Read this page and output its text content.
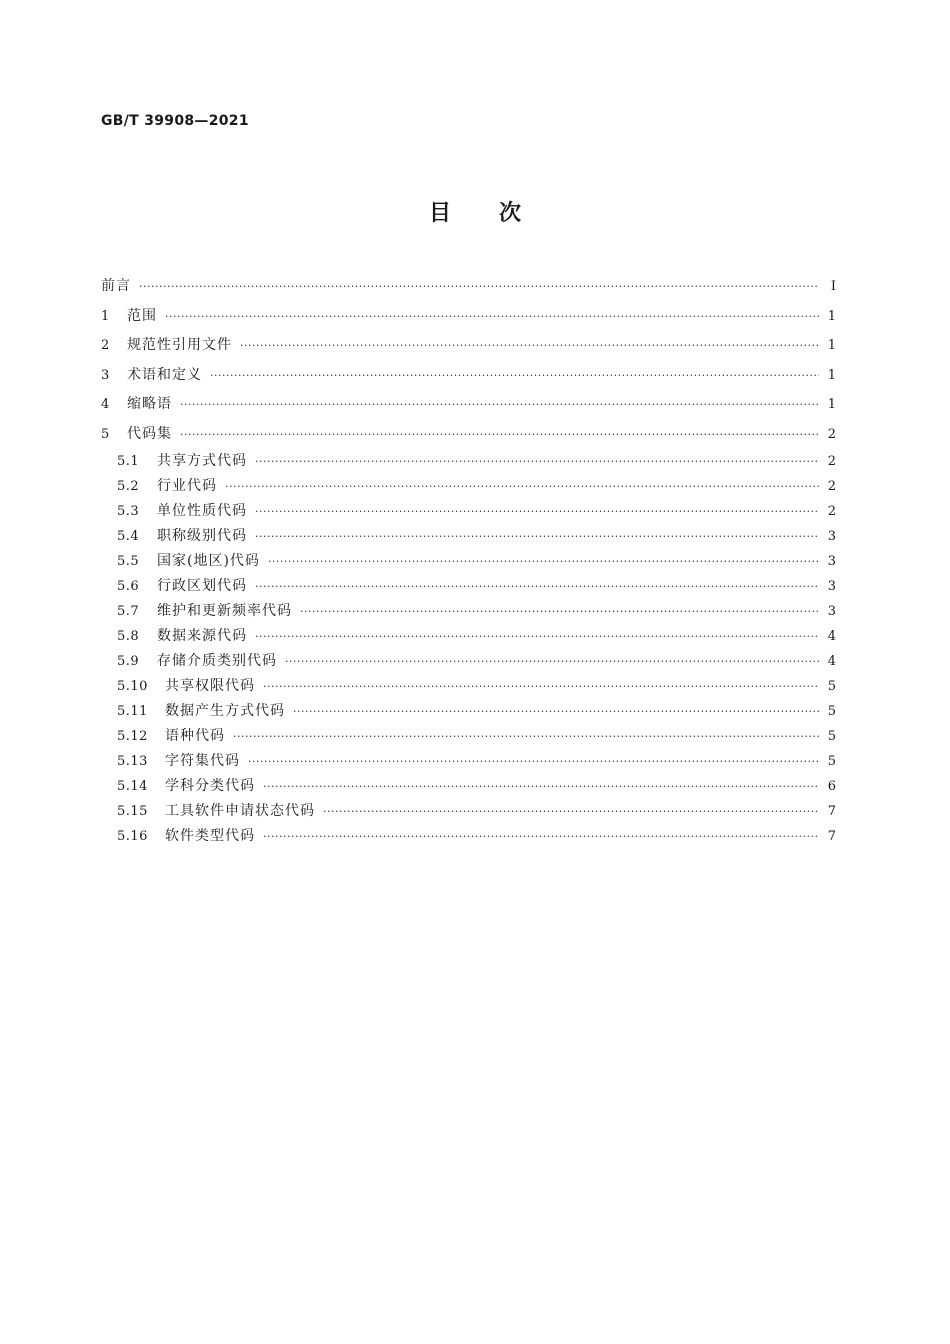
GB/T 39908—2021
目次
前言 ·····	Ⅰ
1	范围 ·····	1
2	规范性引用文件 ·····	1
3	术语和定义 ·····	1
4	缩略语 ·····	1
5	代码集 ·····	2
5.1	共享方式代码 ·····	2
5.2	行业代码 ·····	2
5.3	单位性质代码 ·····	2
5.4	职称级别代码 ·····	3
5.5	国家(地区)代码 ·····	3
5.6	行政区划代码 ·····	3
5.7	维护和更新频率代码 ·····	3
5.8	数据来源代码 ·····	4
5.9	存储介质类别代码 ·····	4
5.10	共享权限代码 ·····	5
5.11	数据产生方式代码 ·····	5
5.12	语种代码 ·····	5
5.13	字符集代码 ·····	5
5.14	学科分类代码 ·····	6
5.15	工具软件申请状态代码 ·····	7
5.16	软件类型代码 ·····	7
